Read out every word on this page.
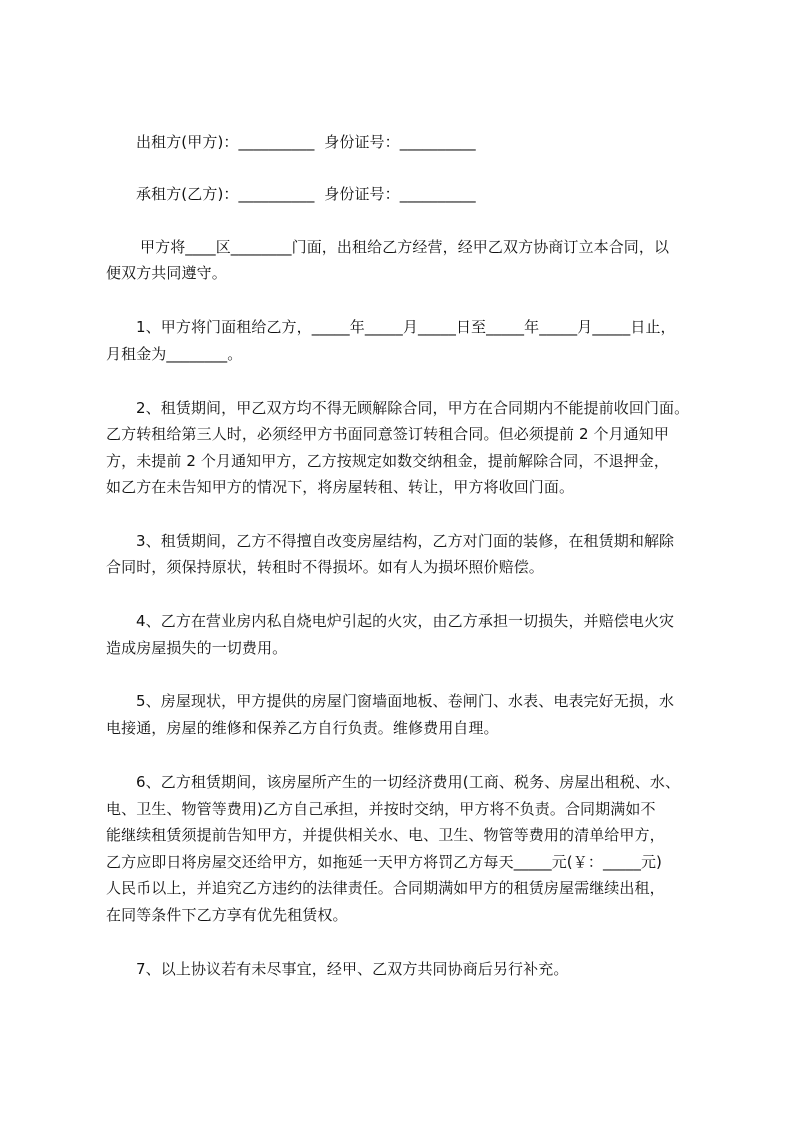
出租方(甲方)：__________  身份证号：__________
承租方(乙方)：__________  身份证号：__________
甲方将____区________门面，出租给乙方经营，经甲乙双方协商订立本合同，以
便双方共同遵守。
1、甲方将门面租给乙方，_____年_____月_____日至_____年_____月_____日止，
月租金为________。
2、租赁期间，甲乙双方均不得无顾解除合同，甲方在合同期内不能提前收回门面。
乙方转租给第三人时，必须经甲方书面同意签订转租合同。但必须提前 2 个月通知甲
方，未提前 2 个月通知甲方，乙方按规定如数交纳租金，提前解除合同，不退押金，
如乙方在未告知甲方的情况下，将房屋转租、转让，甲方将收回门面。
3、租赁期间，乙方不得擅自改变房屋结构，乙方对门面的装修，在租赁期和解除
合同时，须保持原状，转租时不得损坏。如有人为损坏照价赔偿。
4、乙方在营业房内私自烧电炉引起的火灾，由乙方承担一切损失，并赔偿电火灾
造成房屋损失的一切费用。
5、房屋现状，甲方提供的房屋门窗墙面地板、卷闸门、水表、电表完好无损，水
电接通，房屋的维修和保养乙方自行负责。维修费用自理。
6、乙方租赁期间，该房屋所产生的一切经济费用(工商、税务、房屋出租税、水、
电、卫生、物管等费用)乙方自己承担，并按时交纳，甲方将不负责。合同期满如不
能继续租赁须提前告知甲方，并提供相关水、电、卫生、物管等费用的清单给甲方，
乙方应即日将房屋交还给甲方，如拖延一天甲方将罚乙方每天_____元(￥：_____元)
人民币以上，并追究乙方违约的法律责任。合同期满如甲方的租赁房屋需继续出租，
在同等条件下乙方享有优先租赁权。
7、以上协议若有未尽事宜，经甲、乙双方共同协商后另行补充。
